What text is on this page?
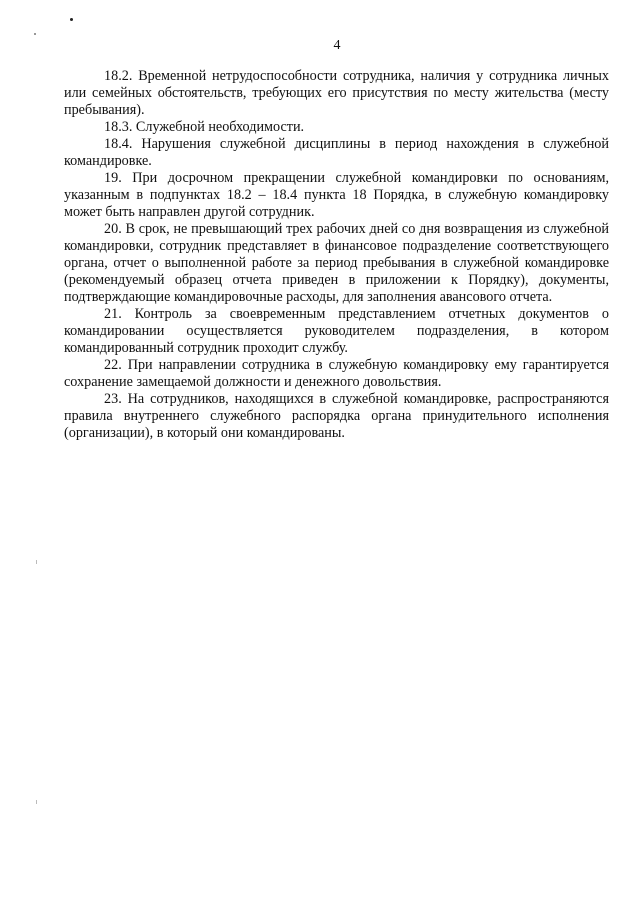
4

18.2. Временной нетрудоспособности сотрудника, наличия у сотрудника личных или семейных обстоятельств, требующих его присутствия по месту жительства (месту пребывания).

18.3. Служебной необходимости.

18.4. Нарушения служебной дисциплины в период нахождения в служебной командировке.

19. При досрочном прекращении служебной командировки по основаниям, указанным в подпунктах 18.2 – 18.4 пункта 18 Порядка, в служебную командировку может быть направлен другой сотрудник.

20. В срок, не превышающий трех рабочих дней со дня возвращения из служебной командировки, сотрудник представляет в финансовое подразделение соответствующего органа, отчет о выполненной работе за период пребывания в служебной командировке (рекомендуемый образец отчета приведен в приложении к Порядку), документы, подтверждающие командировочные расходы, для заполнения авансового отчета.

21. Контроль за своевременным представлением отчетных документов о командировании осуществляется руководителем подразделения, в котором командированный сотрудник проходит службу.

22. При направлении сотрудника в служебную командировку ему гарантируется сохранение замещаемой должности и денежного довольствия.

23. На сотрудников, находящихся в служебной командировке, распространяются правила внутреннего служебного распорядка органа принудительного исполнения (организации), в который они командированы.
